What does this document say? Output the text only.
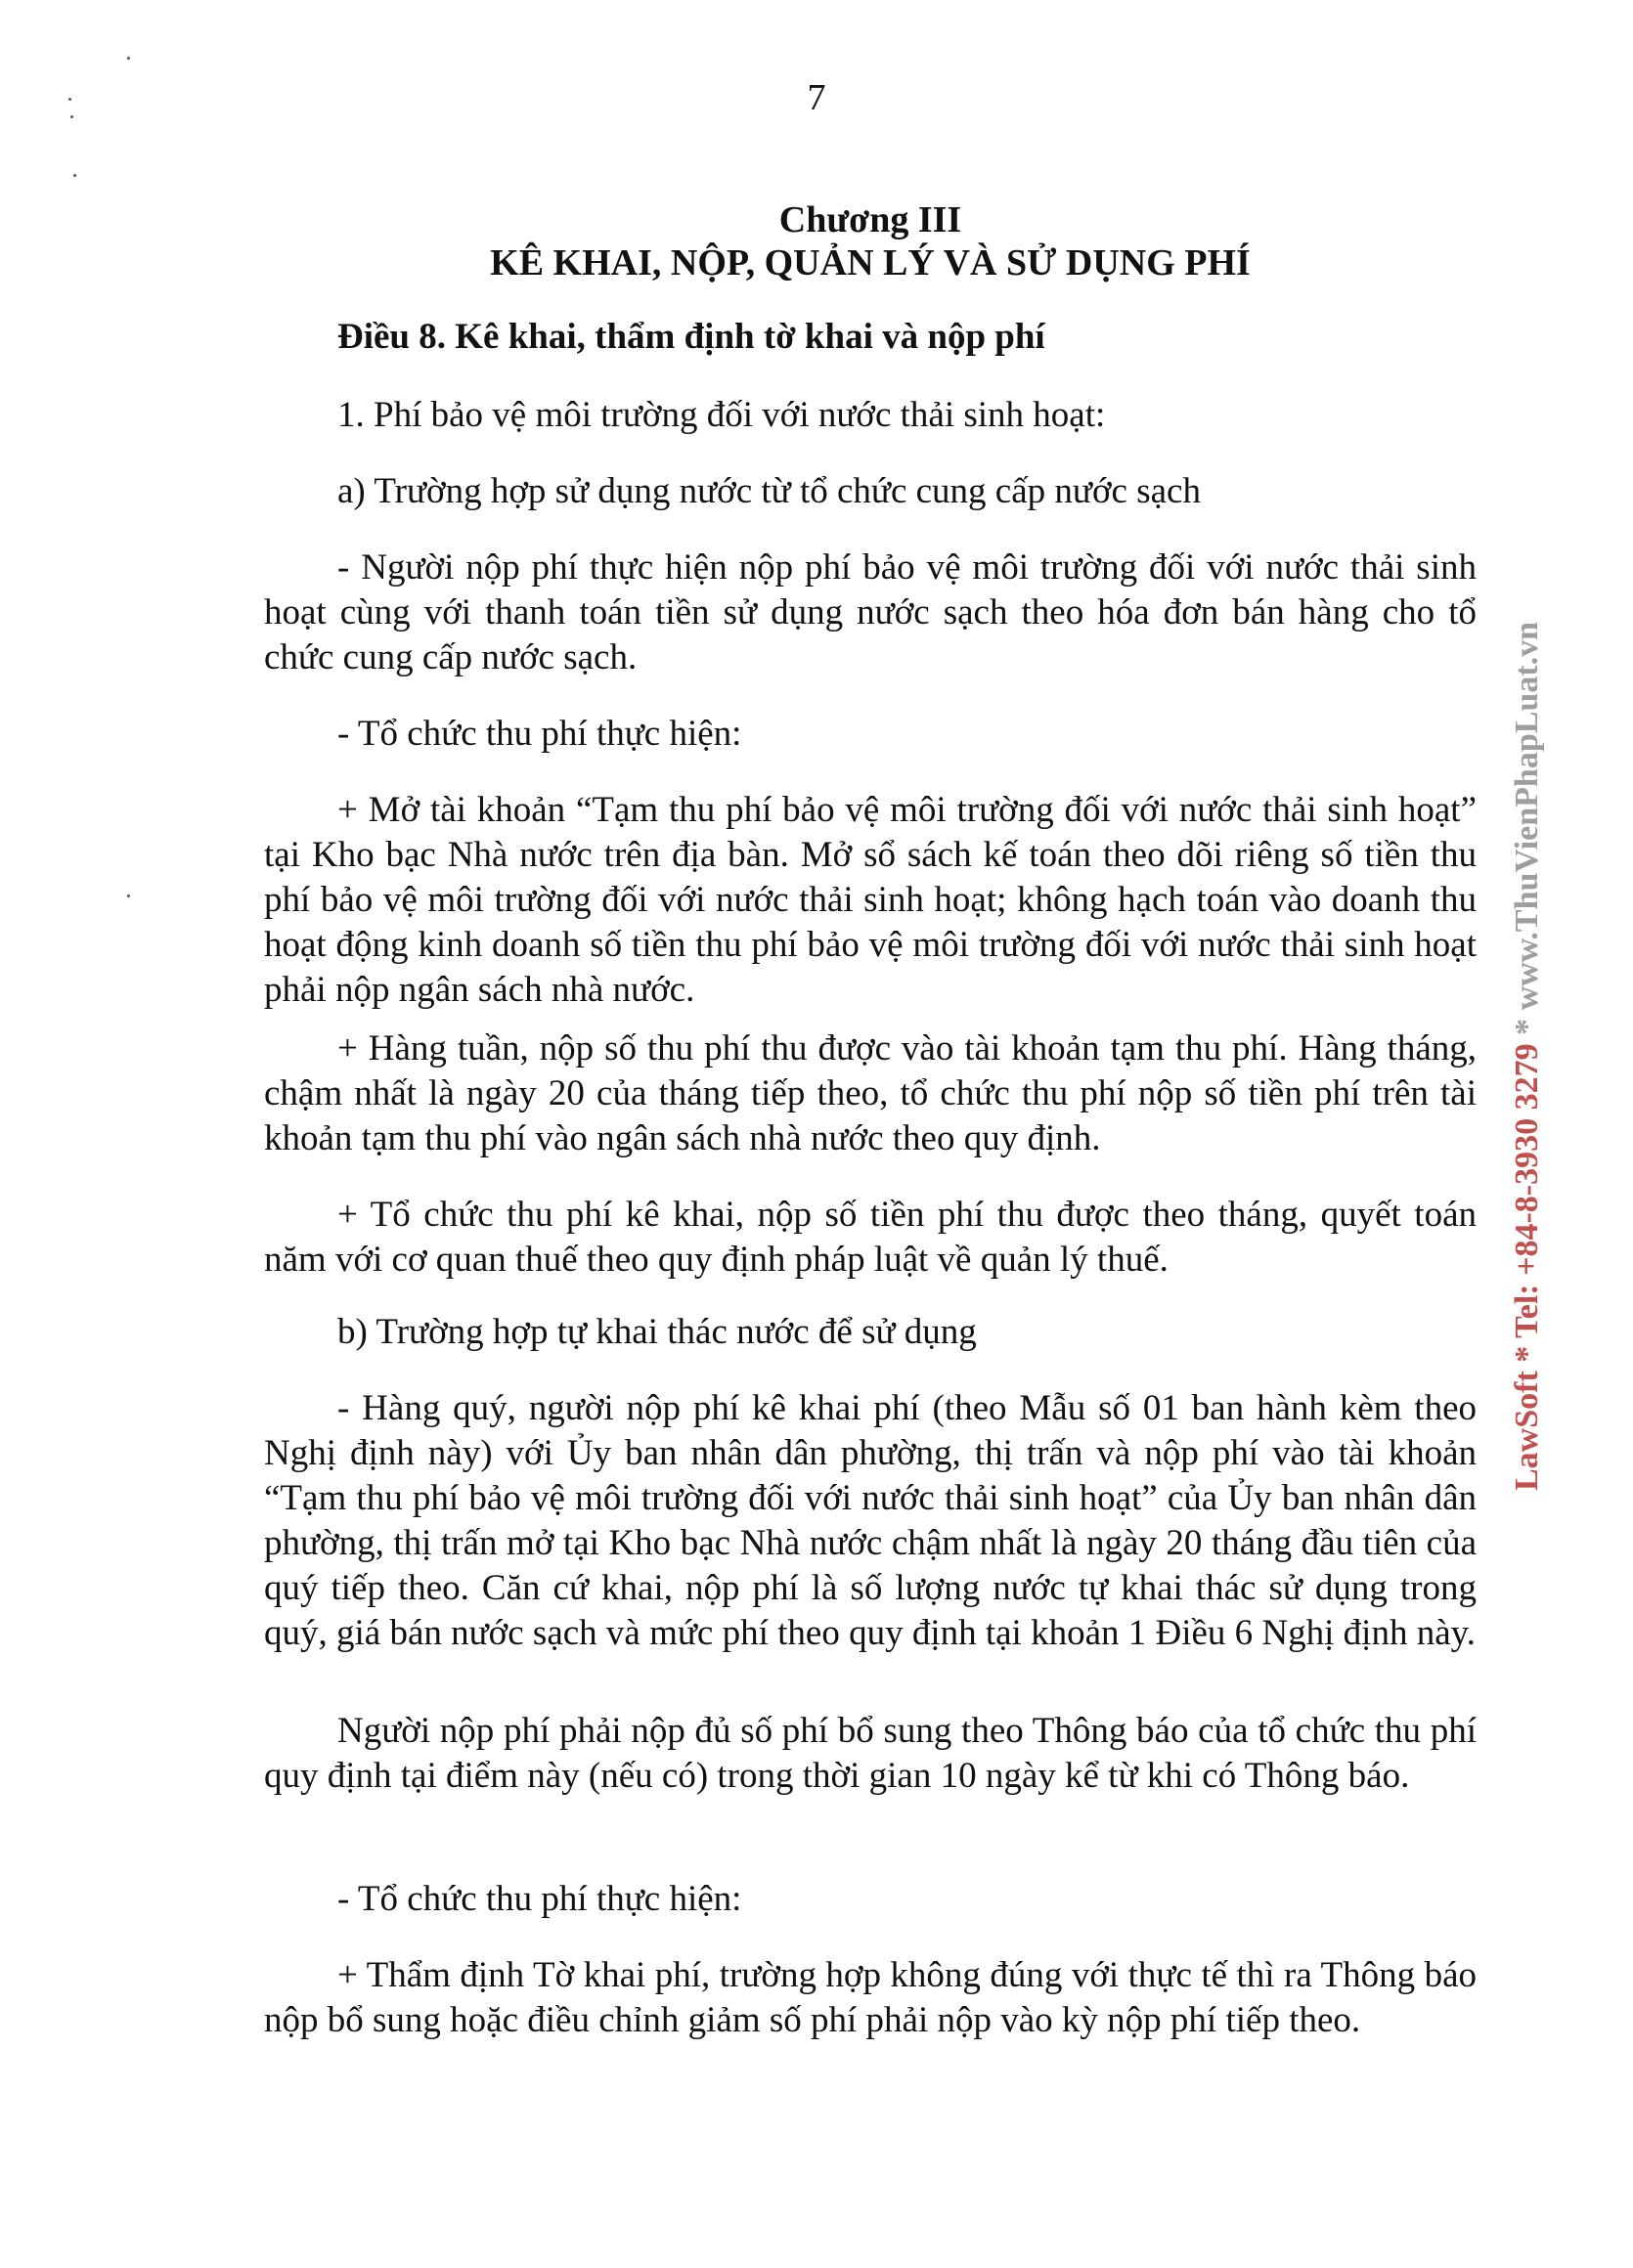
7
Chương III
KÊ KHAI, NỘP, QUẢN LÝ VÀ SỬ DỤNG PHÍ
Điều 8. Kê khai, thẩm định tờ khai và nộp phí

1. Phí bảo vệ môi trường đối với nước thải sinh hoạt:

a) Trường hợp sử dụng nước từ tổ chức cung cấp nước sạch

- Người nộp phí thực hiện nộp phí bảo vệ môi trường đối với nước thải sinh hoạt cùng với thanh toán tiền sử dụng nước sạch theo hóa đơn bán hàng cho tổ chức cung cấp nước sạch.

- Tổ chức thu phí thực hiện:

+ Mở tài khoản “Tạm thu phí bảo vệ môi trường đối với nước thải sinh hoạt” tại Kho bạc Nhà nước trên địa bàn. Mở sổ sách kế toán theo dõi riêng số tiền thu phí bảo vệ môi trường đối với nước thải sinh hoạt; không hạch toán vào doanh thu hoạt động kinh doanh số tiền thu phí bảo vệ môi trường đối với nước thải sinh hoạt phải nộp ngân sách nhà nước.

+ Hàng tuần, nộp số thu phí thu được vào tài khoản tạm thu phí. Hàng tháng, chậm nhất là ngày 20 của tháng tiếp theo, tổ chức thu phí nộp số tiền phí trên tài khoản tạm thu phí vào ngân sách nhà nước theo quy định.

+ Tổ chức thu phí kê khai, nộp số tiền phí thu được theo tháng, quyết toán năm với cơ quan thuế theo quy định pháp luật về quản lý thuế.

b) Trường hợp tự khai thác nước để sử dụng

- Hàng quý, người nộp phí kê khai phí (theo Mẫu số 01 ban hành kèm theo Nghị định này) với Ủy ban nhân dân phường, thị trấn và nộp phí vào tài khoản “Tạm thu phí bảo vệ môi trường đối với nước thải sinh hoạt” của Ủy ban nhân dân phường, thị trấn mở tại Kho bạc Nhà nước chậm nhất là ngày 20 tháng đầu tiên của quý tiếp theo. Căn cứ khai, nộp phí là số lượng nước tự khai thác sử dụng trong quý, giá bán nước sạch và mức phí theo quy định tại khoản 1 Điều 6 Nghị định này.

Người nộp phí phải nộp đủ số phí bổ sung theo Thông báo của tổ chức thu phí quy định tại điểm này (nếu có) trong thời gian 10 ngày kể từ khi có Thông báo.

- Tổ chức thu phí thực hiện:

+ Thẩm định Tờ khai phí, trường hợp không đúng với thực tế thì ra Thông báo nộp bổ sung hoặc điều chỉnh giảm số phí phải nộp vào kỳ nộp phí tiếp theo.

LawSoft * Tel: +84-8-3930 3279 * www.ThuVienPhapLuat.vn
